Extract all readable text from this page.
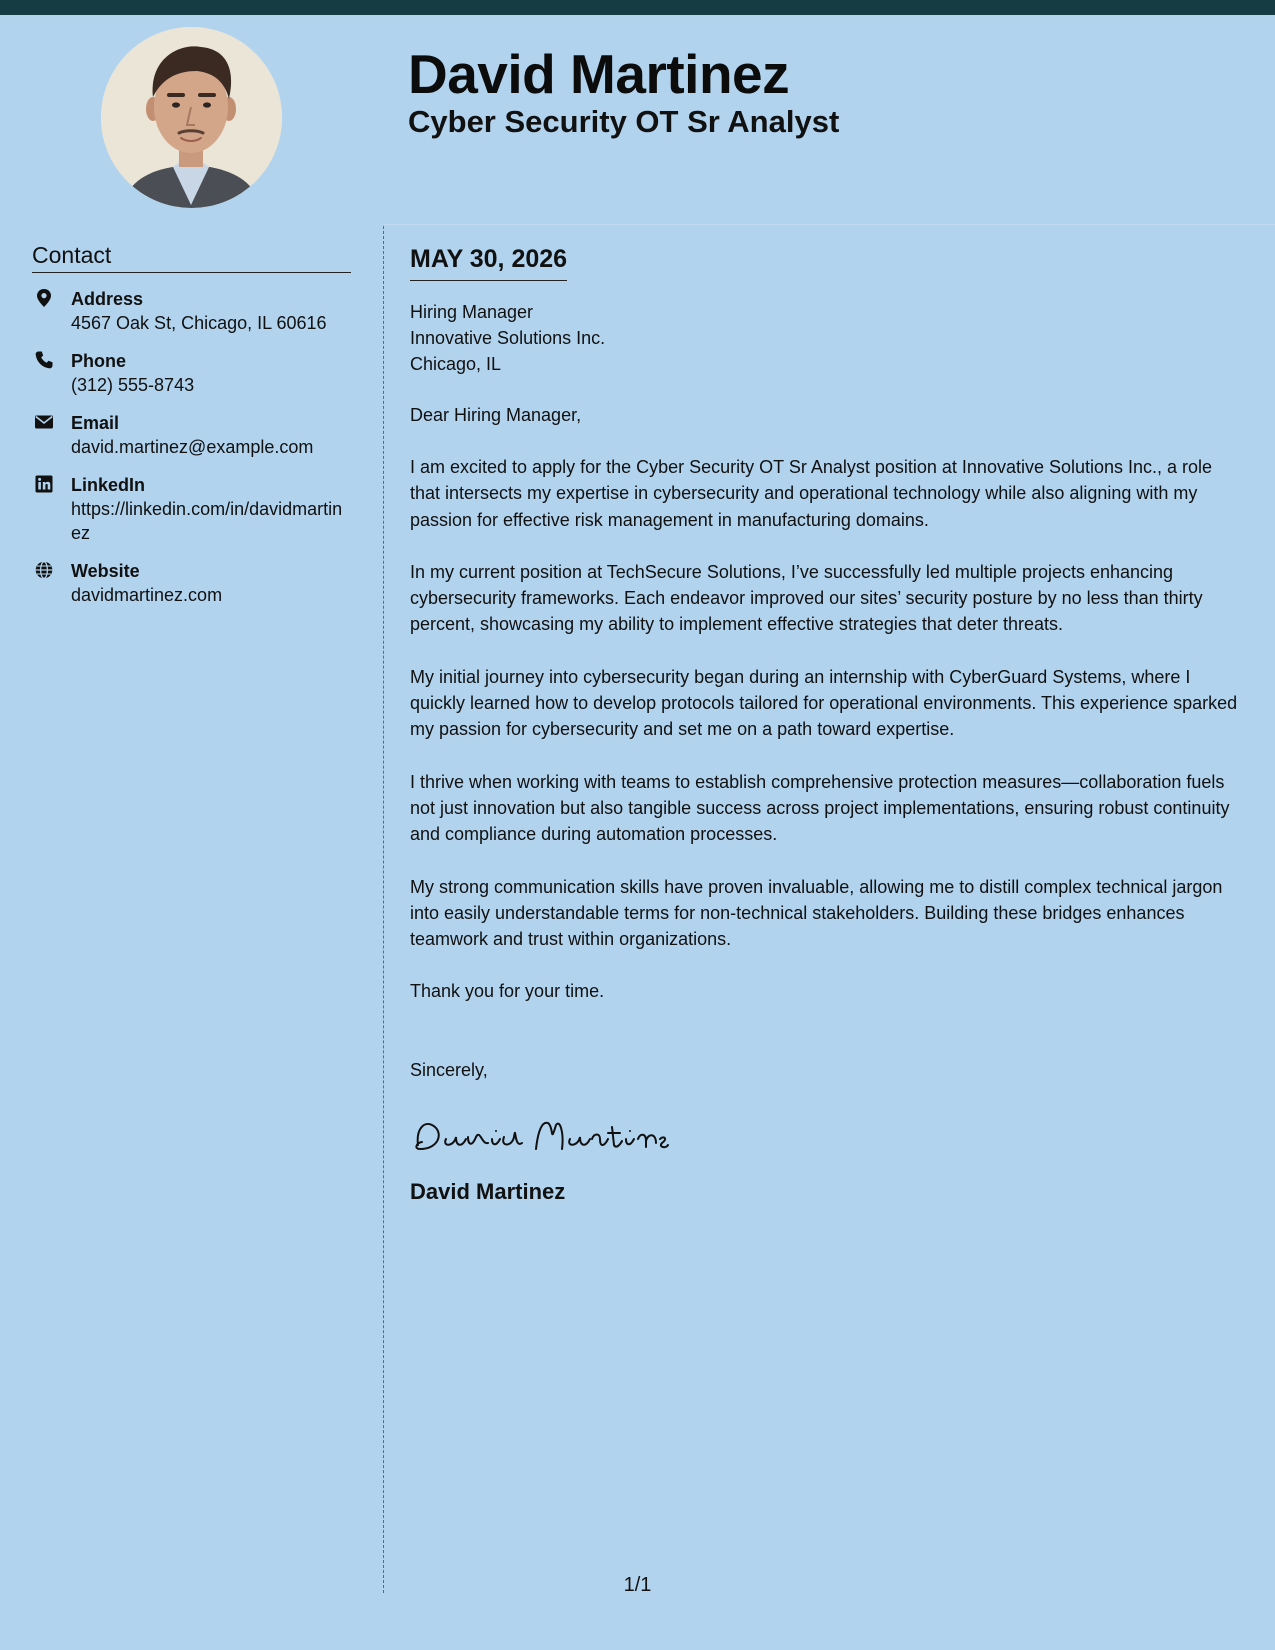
David Martinez
Cyber Security OT Sr Analyst
Contact
Address
4567 Oak St, Chicago, IL 60616
Phone
(312) 555-8743
Email
david.martinez@example.com
LinkedIn
https://linkedin.com/in/davidmartinez
Website
davidmartinez.com
MAY 30, 2026
Hiring Manager
Innovative Solutions Inc.
Chicago, IL

Dear Hiring Manager,

I am excited to apply for the Cyber Security OT Sr Analyst position at Innovative Solutions Inc., a role that intersects my expertise in cybersecurity and operational technology while also aligning with my passion for effective risk management in manufacturing domains.

In my current position at TechSecure Solutions, I’ve successfully led multiple projects enhancing cybersecurity frameworks. Each endeavor improved our sites’ security posture by no less than thirty percent, showcasing my ability to implement effective strategies that deter threats.

My initial journey into cybersecurity began during an internship with CyberGuard Systems, where I quickly learned how to develop protocols tailored for operational environments. This experience sparked my passion for cybersecurity and set me on a path toward expertise.

I thrive when working with teams to establish comprehensive protection measures—collaboration fuels not just innovation but also tangible success across project implementations, ensuring robust continuity and compliance during automation processes.

My strong communication skills have proven invaluable, allowing me to distill complex technical jargon into easily understandable terms for non-technical stakeholders. Building these bridges enhances teamwork and trust within organizations.

Thank you for your time.

Sincerely,

David Martinez

1/1
